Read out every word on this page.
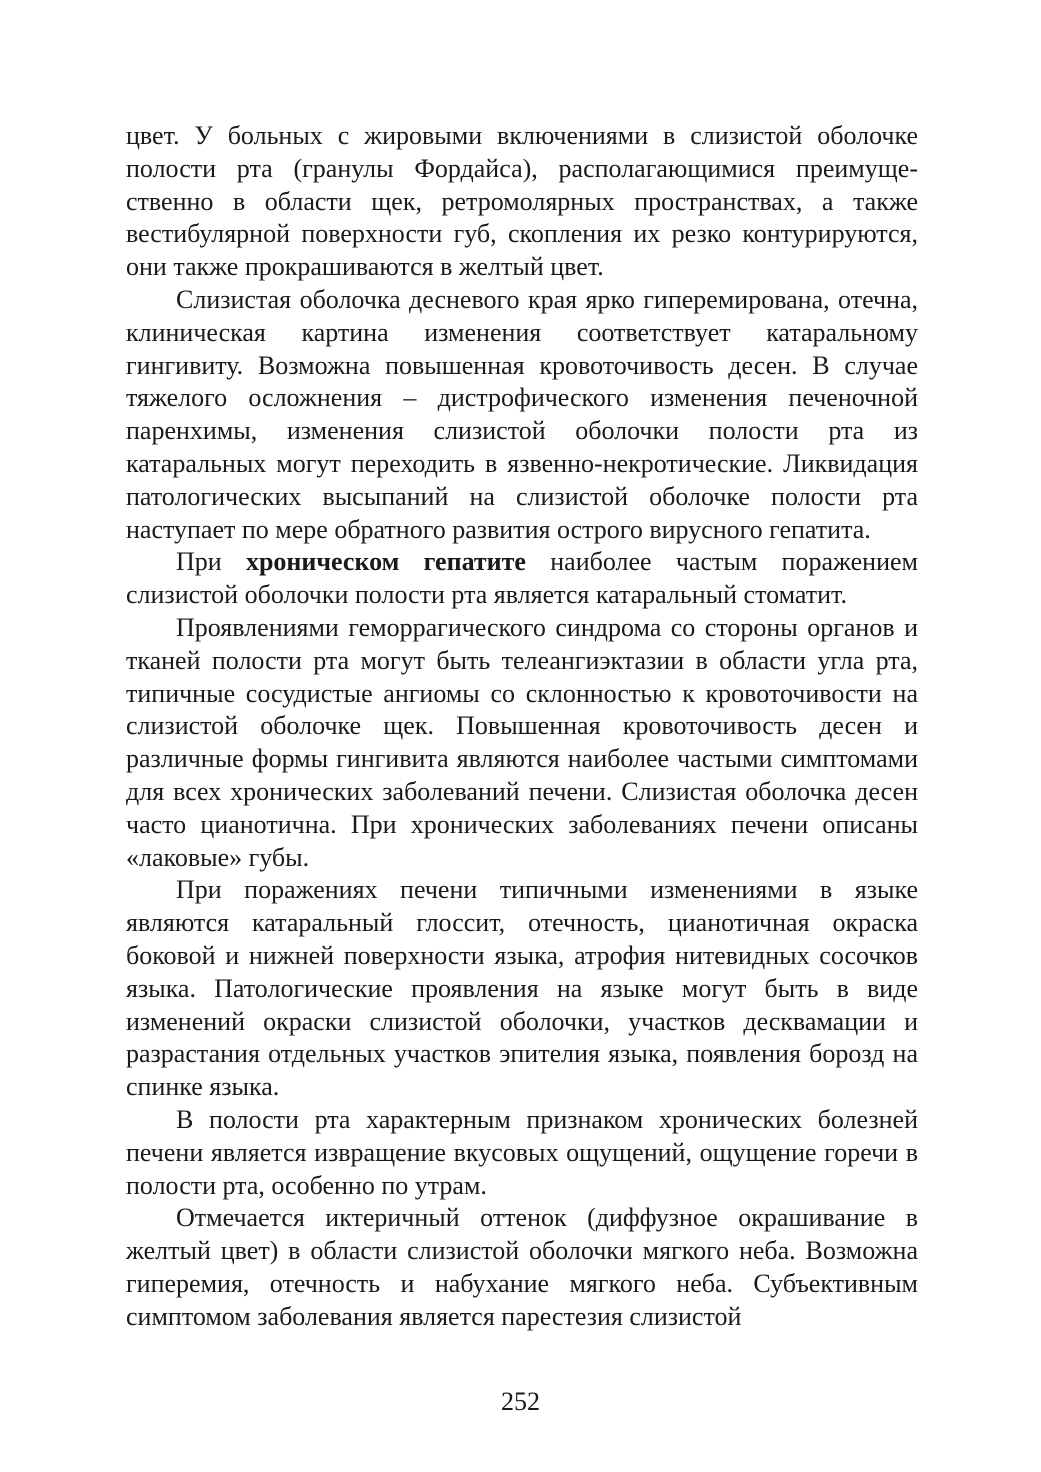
цвет. У больных с жировыми включениями в слизистой оболочке полости рта (гранулы Фордайса), располагающимися преимущественно в области щек, ретромолярных пространствах, а также вестибулярной поверхности губ, скопления их резко контурируются, они также прокрашиваются в желтый цвет.

Слизистая оболочка десневого края ярко гиперемирована, отечна, клиническая картина изменения соответствует катаральному гингивиту. Возможна повышенная кровоточивость десен. В случае тяжелого осложнения – дистрофического изменения печеночной паренхимы, изменения слизистой оболочки полости рта из катаральных могут переходить в язвенно-некротические. Ликвидация патологических высыпаний на слизистой оболочке полости рта наступает по мере обратного развития острого вирусного гепатита.

При хроническом гепатите наиболее частым поражением слизистой оболочки полости рта является катаральный стоматит.

Проявлениями геморрагического синдрома со стороны органов и тканей полости рта могут быть телеангиэктазии в области угла рта, типичные сосудистые ангиомы со склонностью к кровоточивости на слизистой оболочке щек. Повышенная кровоточивость десен и различные формы гингивита являются наиболее частыми симптомами для всех хронических заболеваний печени. Слизистая оболочка десен часто цианотична. При хронических заболеваниях печени описаны «лаковые» губы.

При поражениях печени типичными изменениями в языке являются катаральный глоссит, отечность, цианотичная окраска боковой и нижней поверхности языка, атрофия нитевидных сосочков языка. Патологические проявления на языке могут быть в виде изменений окраски слизистой оболочки, участков десквамации и разрастания отдельных участков эпителия языка, появления борозд на спинке языка.

В полости рта характерным признаком хронических болезней печени является извращение вкусовых ощущений, ощущение горечи в полости рта, особенно по утрам.

Отмечается иктеричный оттенок (диффузное окрашивание в желтый цвет) в области слизистой оболочки мягкого неба. Возможна гиперемия, отечность и набухание мягкого неба. Субъективным симптомом заболевания является парестезия слизистой

252
